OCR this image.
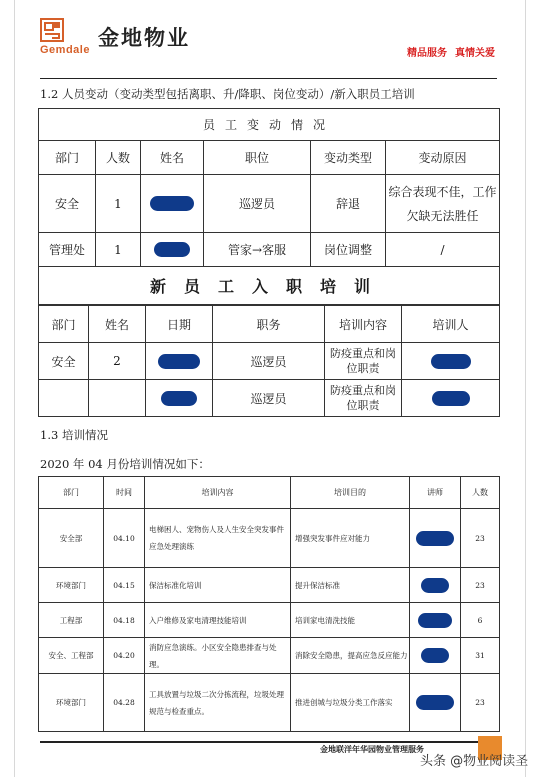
Gemdale 金地物业
精品服务 真情关爱
1.2 人员变动（变动类型包括离职、升/降职、岗位变动）/新入职员工培训
员工变动情况					
部门	人数	姓名	职位	变动类型	变动原因
安全	1		巡逻员	辞退	综合表现不佳，工作欠缺无法胜任
管理处	1		管家→客服	岗位调整	/
新员工入职培训					
部门	姓名	日期	职务	培训内容	培训人
安全	2		巡逻员	防疫重点和岗位职责	
			巡逻员	防疫重点和岗位职责	
1.3 培训情况
2020 年 04 月份培训情况如下：
部门	时间	培训内容	培训目的	讲师	人数
安全部	04.10	电梯困人、宠物伤人及人生安全突发事件应急处理演练	增强突发事件应对能力		23
环境部门	04.15	保洁标准化培训	提升保洁标准		23
工程部	04.18	入户维修及家电清理技能培训	培训家电清洗技能		6
安全、工程部	04.20	消防应急演练。小区安全隐患排查与处理。	消除安全隐患，提高应急反应能力		31
环境部门	04.28	工具放置与垃圾二次分拣流程，垃圾处理规范与检查重点。	推进创城与垃圾分类工作落实		23
金地联洋年华园物业管理服务
头条 @物业阅读圣
